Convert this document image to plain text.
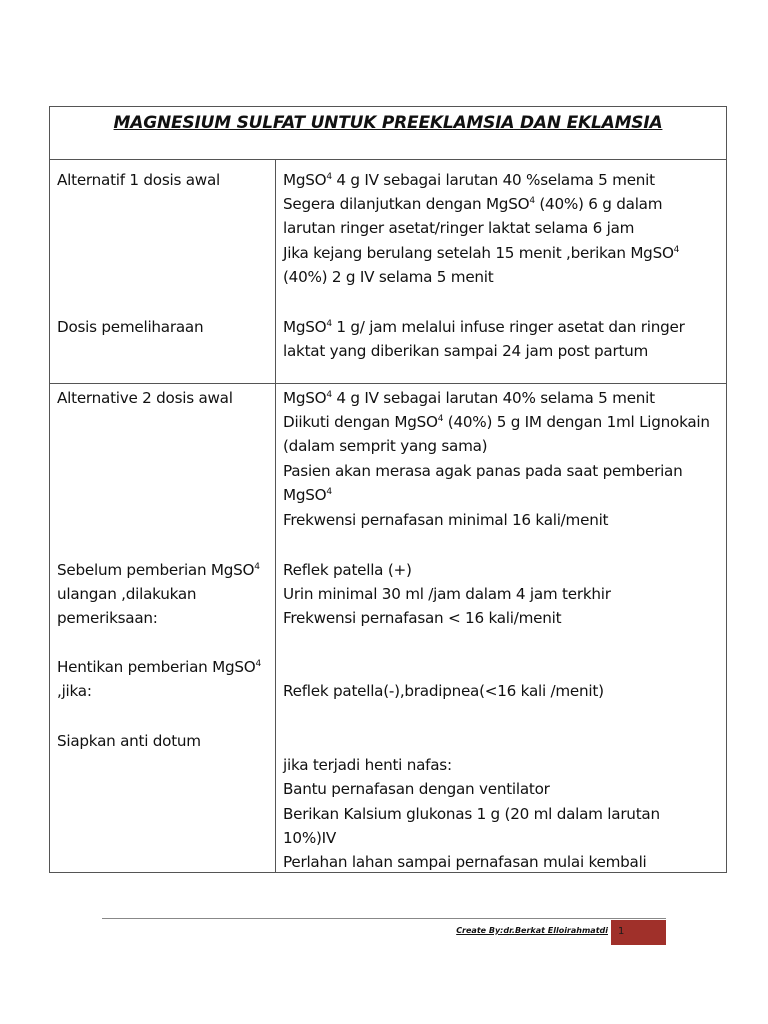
MAGNESIUM SULFAT UNTUK PREEKLAMSIA DAN EKLAMSIA
Alternatif 1 dosis awal
Dosis pemeliharaan
MgSO$^4$ 4 g IV sebagai larutan 40 %selama 5 menit
Segera dilanjutkan dengan MgSO$^4$ (40%) 6 g dalam
larutan ringer asetat/ringer laktat selama 6 jam
Jika kejang berulang setelah 15 menit ,berikan MgSO$^4$
(40%) 2 g IV selama 5 menit
MgSO$^4$ 1 g/ jam melalui infuse ringer asetat dan ringer
laktat yang diberikan sampai 24 jam post partum
Alternative 2 dosis awal
Sebelum pemberian MgSO$^4$
ulangan ,dilakukan
pemeriksaan:
Hentikan pemberian MgSO$^4$
,jika:
Siapkan anti dotum
MgSO$^4$ 4 g IV sebagai larutan 40% selama 5 menit
Diikuti dengan MgSO$^4$ (40%) 5 g IM dengan 1ml Lignokain
(dalam semprit yang sama)
Pasien akan merasa agak panas pada saat pemberian
MgSO$^4$
Frekwensi pernafasan minimal 16 kali/menit
Reflek patella (+)
Urin minimal 30 ml /jam dalam 4 jam terkhir
Frekwensi pernafasan < 16 kali/menit
Reflek patella(-),bradipnea(<16 kali /menit)
jika terjadi henti nafas:
Bantu pernafasan dengan ventilator
Berikan Kalsium glukonas 1 g (20 ml dalam larutan
10%)IV
Perlahan lahan sampai pernafasan mulai kembali
Create By:dr.Berkat Elloirahmatdi 1
